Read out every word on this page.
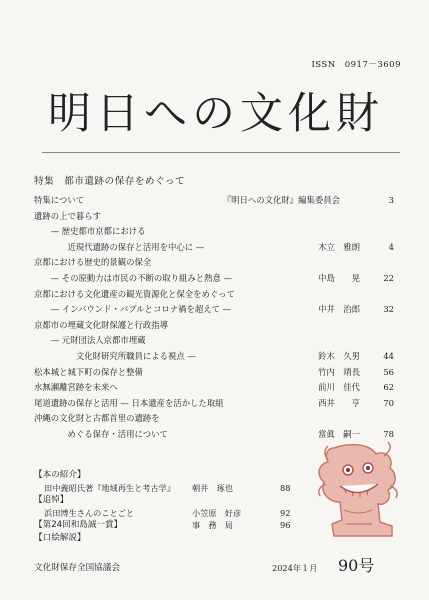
ISSN　0917－3609
明日への文化財
特集 都市遺跡の保存をめぐって
特集について	『明日への文化財』編集委員会	3
遺跡の上で暮らす
　　— 歴史都市京都における
　　　　近現代遺跡の保存と活用を中心に —	木立　雅朗	4
京都における歴史的景観の保全
　　— その原動力は市民の不断の取り組みと熱意 —	中島　　晃	22
京都における文化遺産の観光資源化と保全をめぐって
　　— インバウンド・バブルとコロナ禍を超えて —	中井　治郎	32
京都市の埋蔵文化財保護と行政指導
　　— 元財団法人京都市埋蔵
　　　　　文化財研究所職員による視点 —	鈴木　久男	44
松本城と城下町の保存と整備	竹内　靖長	56
水無瀬離宮跡を未来へ	前川　佳代	62
尾道遺跡の保存と活用 — 日本遺産を活かした取組	西井　　亨	70
沖縄の文化財と古都首里の遺跡を
　　　　めぐる保存・活用について	當眞　嗣一	78
【本の紹介】
田中義昭氏著『地域再生と考古学』 朝井　琢也	88
【追悼】
浜田博生さんのことごと	小笠原　好彦	92
【第24回和島誠一賞】	事　務　局	96
【口絵解説】
文化財保存全国協議会	2024年１月 90号
